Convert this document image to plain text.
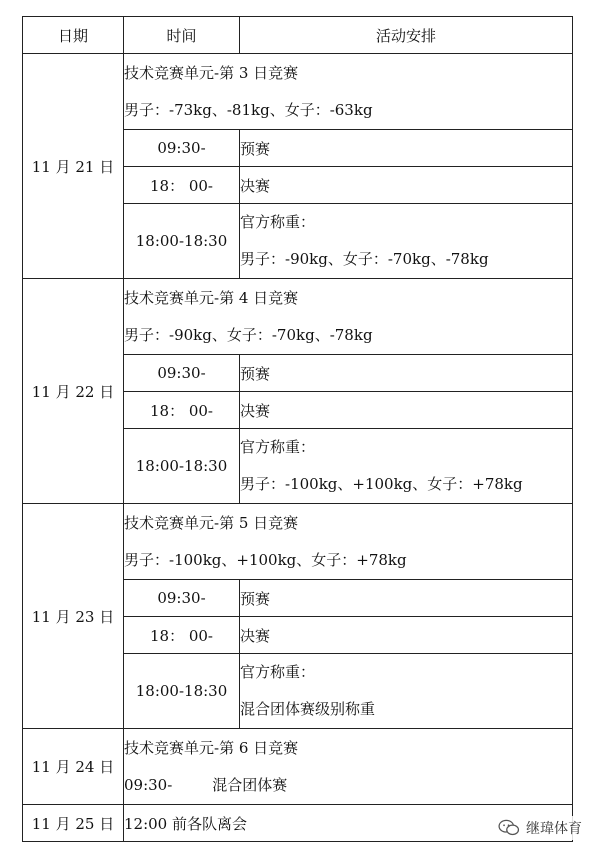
日期	时间	活动安排
11 月 21 日	技术竞赛单元-第 3 日竞赛
男子：-73kg、-81kg、女子：-63kg	

	09:30-	预赛
	18： 00-	决赛
	18:00-18:30	官方称重：
男子：-90kg、女子：-70kg、-78kg

11 月 22 日	技术竞赛单元-第 4 日竞赛
男子：-90kg、女子：-70kg、-78kg	

	09:30-	预赛
	18： 00-	决赛
	18:00-18:30	官方称重：
男子：-100kg、+100kg、女子：+78kg

11 月 23 日	技术竞赛单元-第 5 日竞赛
男子：-100kg、+100kg、女子：+78kg	

	09:30-	预赛
	18： 00-	决赛
	18:00-18:30	官方称重：
混合团体赛级别称重

11 月 24 日	技术竞赛单元-第 6 日竞赛
09:30- 混合团体赛	

11 月 25 日	12:00 前各队离会		继瑋体育
